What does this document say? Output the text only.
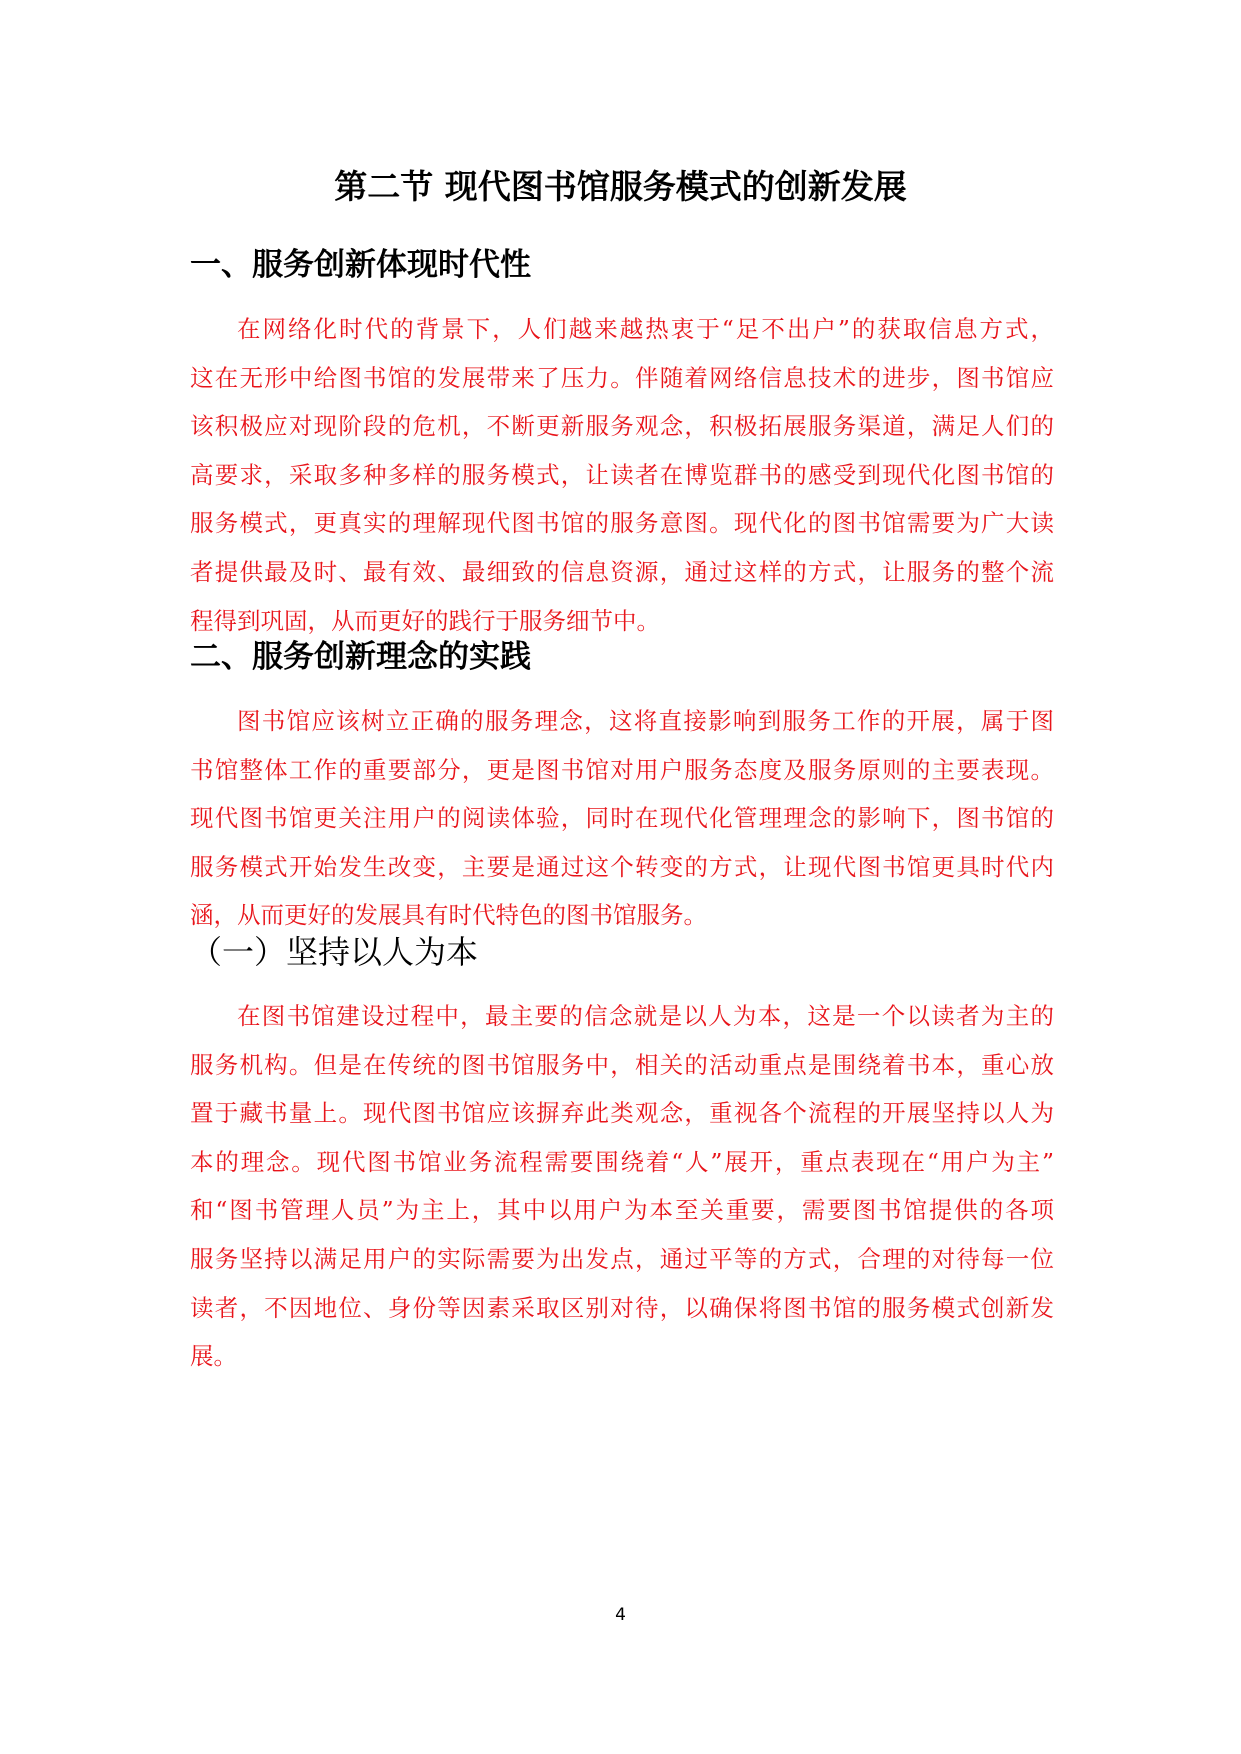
第二节 现代图书馆服务模式的创新发展
一、服务创新体现时代性
在网络化时代的背景下，人们越来越热衷于“足不出户”的获取信息方式，
这在无形中给图书馆的发展带来了压力。伴随着网络信息技术的进步，图书馆应
该积极应对现阶段的危机，不断更新服务观念，积极拓展服务渠道，满足人们的
高要求，采取多种多样的服务模式，让读者在博览群书的感受到现代化图书馆的
服务模式，更真实的理解现代图书馆的服务意图。现代化的图书馆需要为广大读
者提供最及时、最有效、最细致的信息资源，通过这样的方式，让服务的整个流
程得到巩固，从而更好的践行于服务细节中。
二、服务创新理念的实践
图书馆应该树立正确的服务理念，这将直接影响到服务工作的开展，属于图
书馆整体工作的重要部分，更是图书馆对用户服务态度及服务原则的主要表现。
现代图书馆更关注用户的阅读体验，同时在现代化管理理念的影响下，图书馆的
服务模式开始发生改变，主要是通过这个转变的方式，让现代图书馆更具时代内
涵，从而更好的发展具有时代特色的图书馆服务。
（一）坚持以人为本
在图书馆建设过程中，最主要的信念就是以人为本，这是一个以读者为主的
服务机构。但是在传统的图书馆服务中，相关的活动重点是围绕着书本，重心放
置于藏书量上。现代图书馆应该摒弃此类观念，重视各个流程的开展坚持以人为
本的理念。现代图书馆业务流程需要围绕着“人”展开，重点表现在“用户为主”
和“图书管理人员”为主上，其中以用户为本至关重要，需要图书馆提供的各项
服务坚持以满足用户的实际需要为出发点，通过平等的方式，合理的对待每一位
读者，不因地位、身份等因素采取区别对待，以确保将图书馆的服务模式创新发
展。
4
